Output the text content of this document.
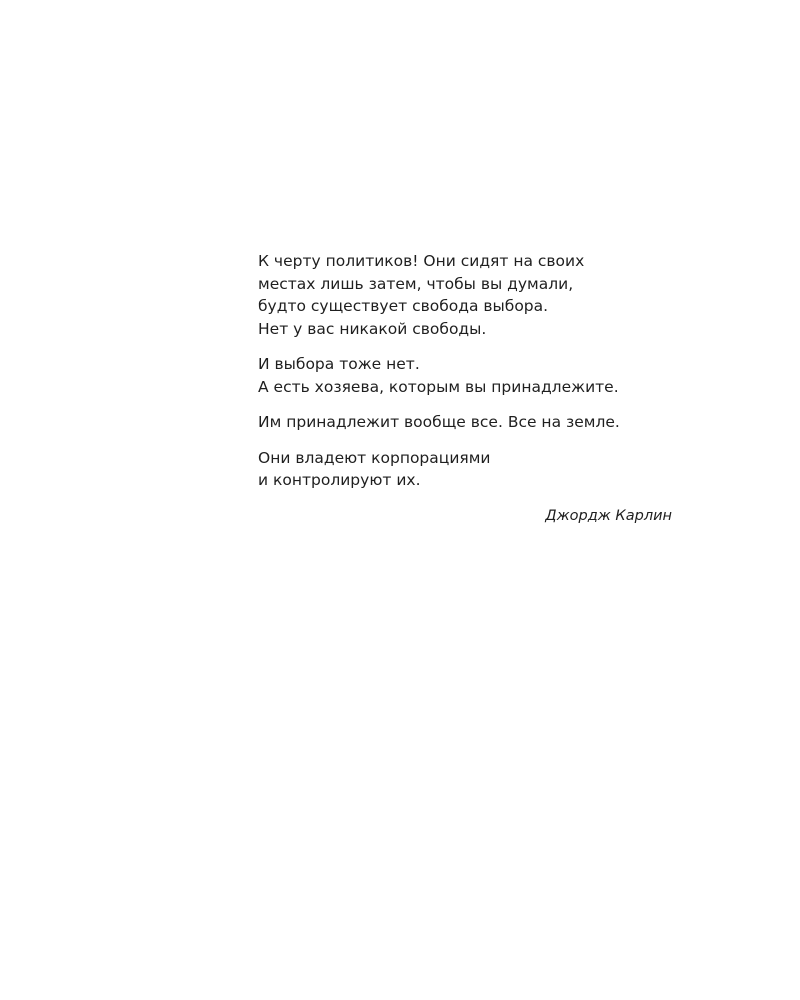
К черту политиков! Они сидят на своих
местах лишь затем, чтобы вы думали,
будто существует свобода выбора.
Нет у вас никакой свободы.
И выбора тоже нет.
А есть хозяева, которым вы принадлежите.
Им принадлежит вообще все. Все на земле.
Они владеют корпорациями
и контролируют их.
Джордж Карлин
